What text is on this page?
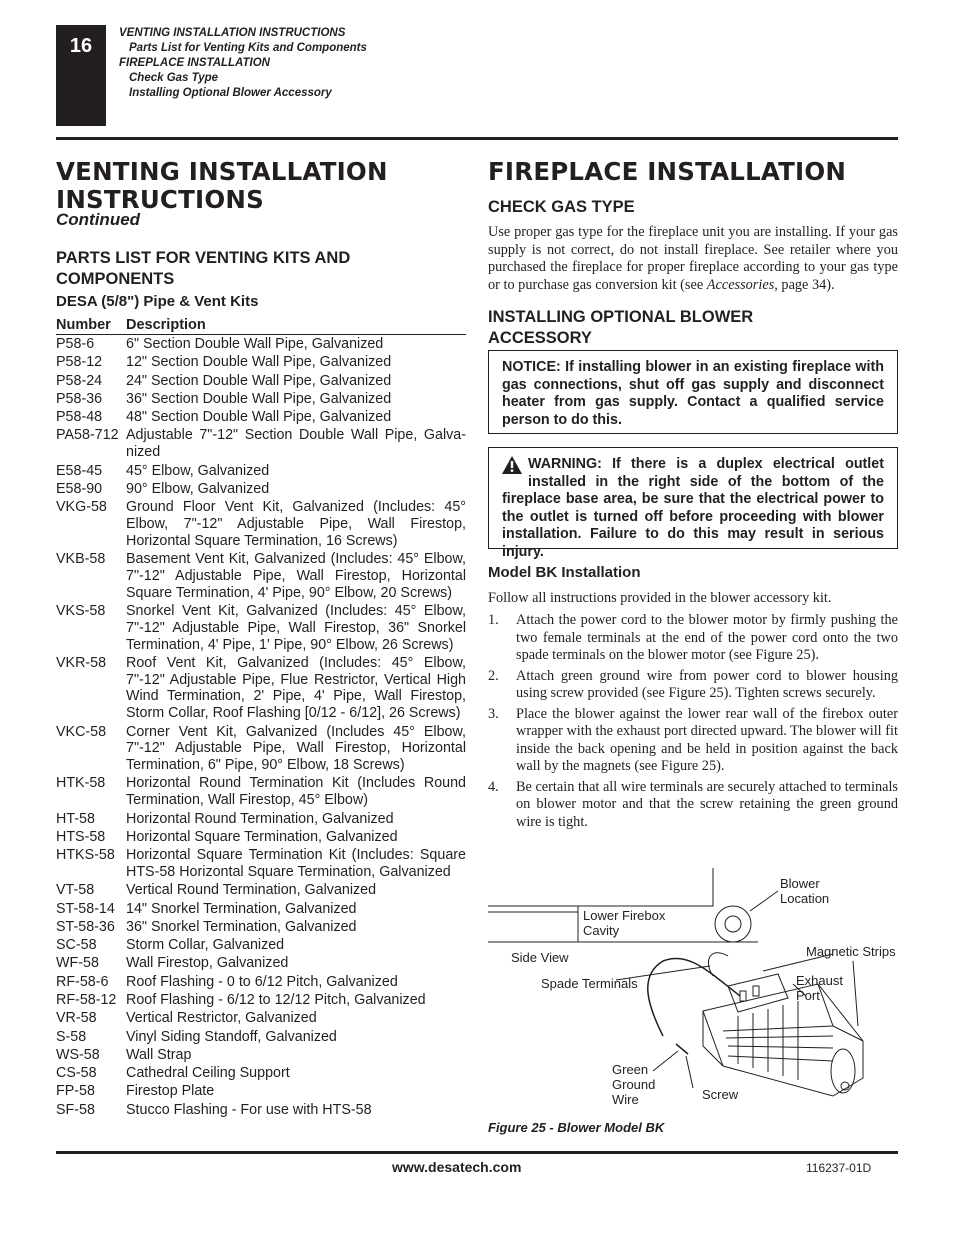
16
VENTING INSTALLATION INSTRUCTIONS
Parts List for Venting Kits and Components
FIREPLACE INSTALLATION
Check Gas Type
Installing Optional Blower Accessory
VENTING INSTALLATION
INSTRUCTIONS
Continued
PARTS LIST FOR VENTING KITS AND
COMPONENTS
DESA (5/8") Pipe & Vent Kits
Number Description
P58-6	6" Section Double Wall Pipe, Galvanized
P58-12	12" Section Double Wall Pipe, Galvanized
P58-24	24" Section Double Wall Pipe, Galvanized
P58-36	36" Section Double Wall Pipe, Galvanized
P58-48	48" Section Double Wall Pipe, Galvanized
PA58-712 Adjustable 7"-12" Section Double Wall Pipe, Galvanized
E58-45	45° Elbow, Galvanized
E58-90	90° Elbow, Galvanized
VKG-58	Ground Floor Vent Kit, Galvanized (Includes: 45° Elbow, 7"-12" Adjustable Pipe, Wall Firestop, Horizontal Square Termination, 16 Screws)
VKB-58	Basement Vent Kit, Galvanized (Includes: 45° Elbow, 7"-12" Adjustable Pipe, Wall Firestop, Horizontal Square Termination, 4' Pipe, 90° Elbow, 20 Screws)
VKS-58	Snorkel Vent Kit, Galvanized (Includes: 45° Elbow, 7"-12" Adjustable Pipe, Wall Firestop, 36" Snorkel Termination, 4' Pipe, 1' Pipe, 90° Elbow, 26 Screws)
VKR-58	Roof Vent Kit, Galvanized (Includes: 45° Elbow, 7"-12" Adjustable Pipe, Flue Restrictor, Vertical High Wind Termination, 2' Pipe, 4' Pipe, Wall Firestop, Storm Collar, Roof Flashing [0/12 - 6/12], 26 Screws)
VKC-58	Corner Vent Kit, Galvanized (Includes 45° Elbow, 7"-12" Adjustable Pipe, Wall Firestop, Horizontal Termination, 6" Pipe, 90° Elbow, 18 Screws)
HTK-58	Horizontal Round Termination Kit (Includes Round Termination, Wall Firestop, 45° Elbow)
HT-58	Horizontal Round Termination, Galvanized
HTS-58	Horizontal Square Termination, Galvanized
HTKS-58 Horizontal Square Termination Kit (Includes: Square HTS-58 Horizontal Square Termination, Galvanized
VT-58	Vertical Round Termination, Galvanized
ST-58-14 14" Snorkel Termination, Galvanized
ST-58-36 36" Snorkel Termination, Galvanized
SC-58	Storm Collar, Galvanized
WF-58	Wall Firestop, Galvanized
RF-58-6	Roof Flashing - 0 to 6/12 Pitch, Galvanized
RF-58-12 Roof Flashing - 6/12 to 12/12 Pitch, Galvanized
VR-58	Vertical Restrictor, Galvanized
S-58	Vinyl Siding Standoff, Galvanized
WS-58	Wall Strap
CS-58	Cathedral Ceiling Support
FP-58	Firestop Plate
SF-58	Stucco Flashing - For use with HTS-58
FIREPLACE INSTALLATION
CHECK GAS TYPE
Use proper gas type for the fireplace unit you are installing. If your gas supply is not correct, do not install fireplace. See retailer where you purchased the fireplace for proper fireplace according to your gas type or to purchase gas conversion kit (see Accessories, page 34).
INSTALLING OPTIONAL BLOWER
ACCESSORY
NOTICE: If installing blower in an existing fireplace with gas connections, shut off gas supply and disconnect heater from gas supply. Contact a qualified service person to do this.
WARNING: If there is a duplex electrical outlet installed in the right side of the bottom of the fireplace base area, be sure that the electrical power to the outlet is turned off before proceeding with blower installation. Failure to do this may result in serious injury.
Model BK Installation
Follow all instructions provided in the blower accessory kit.
1.	Attach the power cord to the blower motor by firmly pushing the two female terminals at the end of the power cord onto the two spade terminals on the blower motor (see Figure 25).
2.	Attach green ground wire from power cord to blower housing using screw provided (see Figure 25). Tighten screws securely.
3.	Place the blower against the lower rear wall of the firebox outer wrapper with the exhaust port directed upward. The blower will fit inside the back opening and be held in position against the back wall by the magnets (see Figure 25).
4.	Be certain that all wire terminals are securely attached to terminals on blower motor and that the screw retaining the green ground wire is tight.
Blower
Location
Lower Firebox
Cavity
Side View	Magnetic Strips
Spade Terminals	Exhaust
Port
Green
Ground
Wire	Screw
Figure 25 - Blower Model BK
www.desatech.com	116237-01D
